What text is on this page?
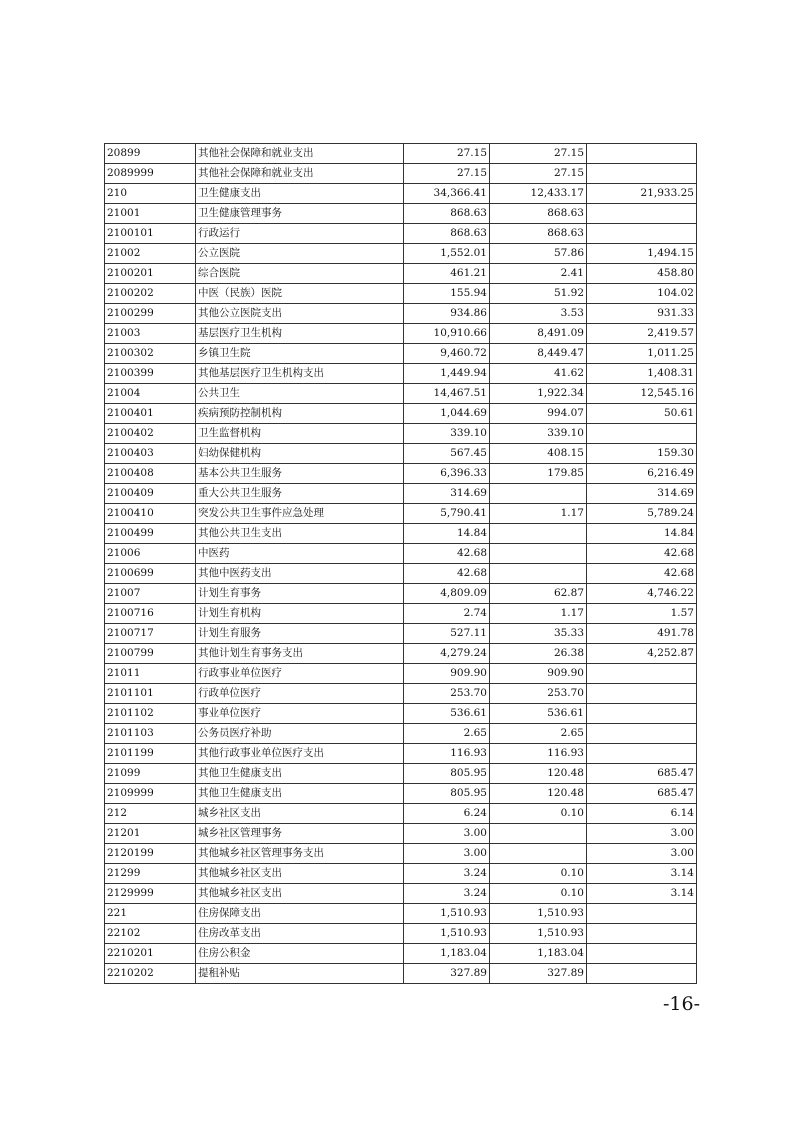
20899	其他社会保障和就业支出	27.15	27.15	
2089999	其他社会保障和就业支出	27.15	27.15	
210	卫生健康支出	34,366.41	12,433.17	21,933.25
21001	卫生健康管理事务	868.63	868.63	
2100101	行政运行	868.63	868.63	
21002	公立医院	1,552.01	57.86	1,494.15
2100201	综合医院	461.21	2.41	458.80
2100202	中医（民族）医院	155.94	51.92	104.02
2100299	其他公立医院支出	934.86	3.53	931.33
21003	基层医疗卫生机构	10,910.66	8,491.09	2,419.57
2100302	乡镇卫生院	9,460.72	8,449.47	1,011.25
2100399	其他基层医疗卫生机构支出	1,449.94	41.62	1,408.31
21004	公共卫生	14,467.51	1,922.34	12,545.16
2100401	疾病预防控制机构	1,044.69	994.07	50.61
2100402	卫生监督机构	339.10	339.10	
2100403	妇幼保健机构	567.45	408.15	159.30
2100408	基本公共卫生服务	6,396.33	179.85	6,216.49
2100409	重大公共卫生服务	314.69		314.69
2100410	突发公共卫生事件应急处理	5,790.41	1.17	5,789.24
2100499	其他公共卫生支出	14.84		14.84
21006	中医药	42.68		42.68
2100699	其他中医药支出	42.68		42.68
21007	计划生育事务	4,809.09	62.87	4,746.22
2100716	计划生育机构	2.74	1.17	1.57
2100717	计划生育服务	527.11	35.33	491.78
2100799	其他计划生育事务支出	4,279.24	26.38	4,252.87
21011	行政事业单位医疗	909.90	909.90	
2101101	行政单位医疗	253.70	253.70	
2101102	事业单位医疗	536.61	536.61	
2101103	公务员医疗补助	2.65	2.65	
2101199	其他行政事业单位医疗支出	116.93	116.93	
21099	其他卫生健康支出	805.95	120.48	685.47
2109999	其他卫生健康支出	805.95	120.48	685.47
212	城乡社区支出	6.24	0.10	6.14
21201	城乡社区管理事务	3.00		3.00
2120199	其他城乡社区管理事务支出	3.00		3.00
21299	其他城乡社区支出	3.24	0.10	3.14
2129999	其他城乡社区支出	3.24	0.10	3.14
221	住房保障支出	1,510.93	1,510.93	
22102	住房改革支出	1,510.93	1,510.93	
2210201	住房公积金	1,183.04	1,183.04	
2210202	提租补贴	327.89	327.89	
-16-
